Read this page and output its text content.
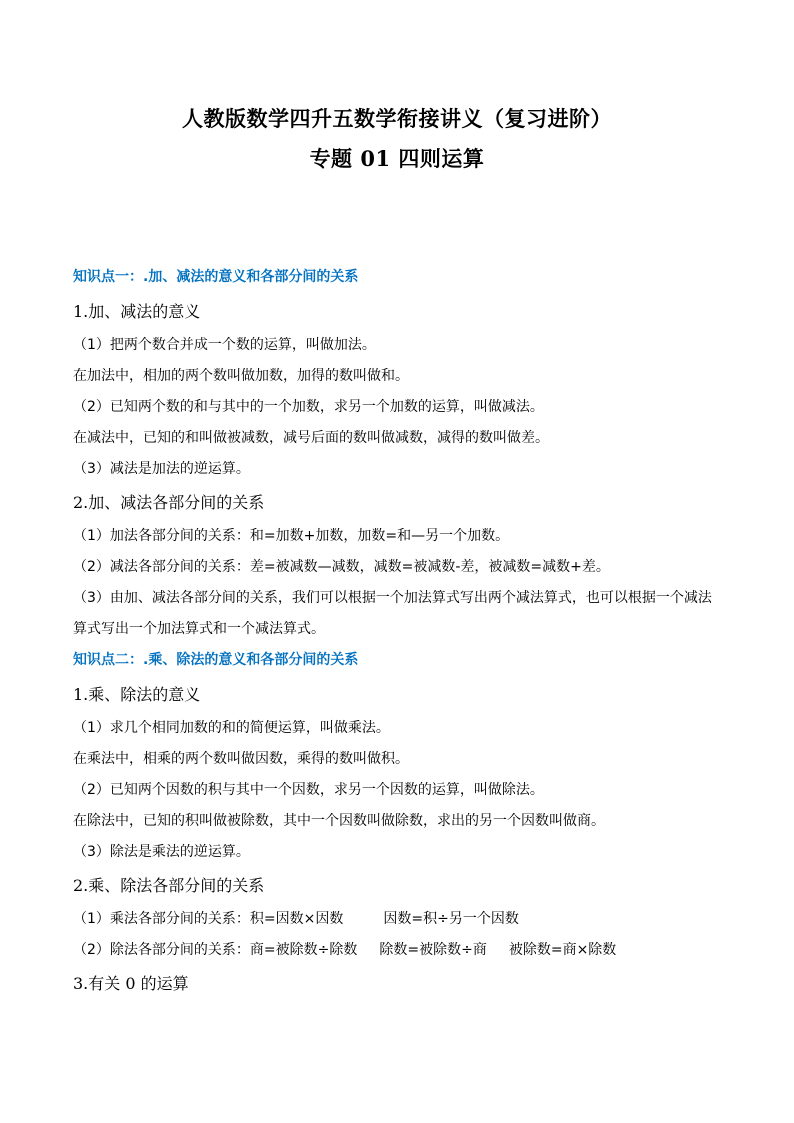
人教版数学四升五数学衔接讲义（复习进阶）
专题 01 四则运算
知识点一：.加、减法的意义和各部分间的关系
1.加、减法的意义
（1）把两个数合并成一个数的运算，叫做加法。
在加法中，相加的两个数叫做加数，加得的数叫做和。
（2）已知两个数的和与其中的一个加数，求另一个加数的运算，叫做减法。
在减法中，已知的和叫做被减数，减号后面的数叫做减数，减得的数叫做差。
（3）减法是加法的逆运算。
2.加、减法各部分间的关系
（1）加法各部分间的关系：和=加数+加数，加数=和—另一个加数。
（2）减法各部分间的关系：差=被减数—减数，减数=被减数-差，被减数=减数+差。
（3）由加、减法各部分间的关系，我们可以根据一个加法算式写出两个减法算式，也可以根据一个减法算式写出一个加法算式和一个减法算式。
知识点二：.乘、除法的意义和各部分间的关系
1.乘、除法的意义
（1）求几个相同加数的和的简便运算，叫做乘法。
在乘法中，相乘的两个数叫做因数，乘得的数叫做积。
（2）已知两个因数的积与其中一个因数，求另一个因数的运算，叫做除法。
在除法中，已知的积叫做被除数，其中一个因数叫做除数，求出的另一个因数叫做商。
（3）除法是乘法的逆运算。
2.乘、除法各部分间的关系
（1）乘法各部分间的关系：积=因数×因数	因数=积÷另一个因数
（2）除法各部分间的关系：商=被除数÷除数 除数=被除数÷商 被除数=商×除数
3.有关 0 的运算
